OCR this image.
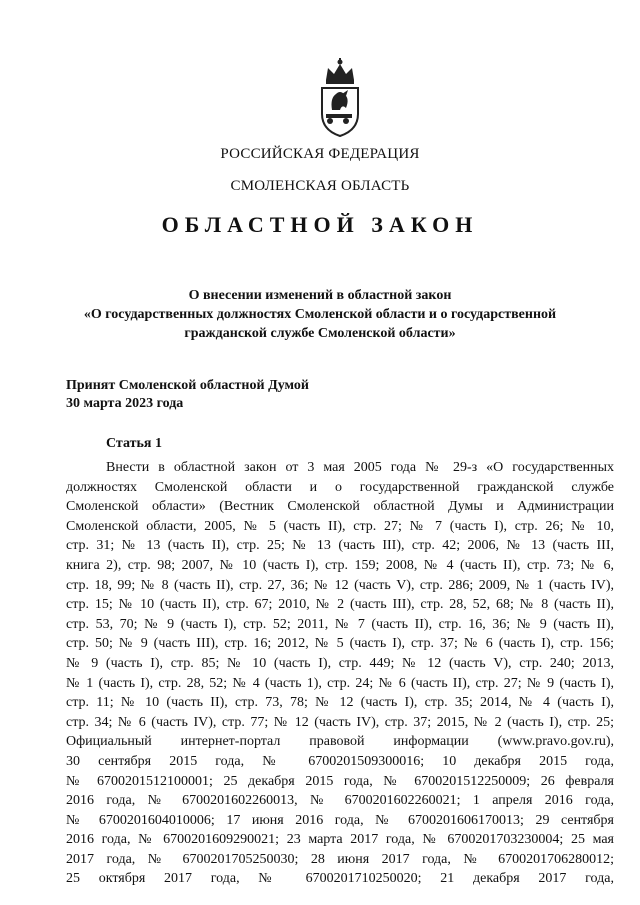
РОССИЙСКАЯ ФЕДЕРАЦИЯ
СМОЛЕНСКАЯ ОБЛАСТЬ
ОБЛАСТНОЙ ЗАКОН
О внесении изменений в областной закон
«О государственных должностях Смоленской области и о государственной
гражданской службе Смоленской области»
Принят Смоленской областной Думой
30 марта 2023 года
Статья 1
Внести в областной закон от 3 мая 2005 года № 29-з «О государственных
должностях Смоленской области и о государственной гражданской службе
Смоленской области» (Вестник Смоленской областной Думы и Администрации
Смоленской области, 2005, № 5 (часть II), стр. 27; № 7 (часть I), стр. 26; № 10,
стр. 31; № 13 (часть II), стр. 25; № 13 (часть III), стр. 42; 2006, № 13 (часть III,
книга 2), стр. 98; 2007, № 10 (часть I), стр. 159; 2008, № 4 (часть II), стр. 73; № 6,
стр. 18, 99; № 8 (часть II), стр. 27, 36; № 12 (часть V), стр. 286; 2009, № 1 (часть IV),
стр. 15; № 10 (часть II), стр. 67; 2010, № 2 (часть III), стр. 28, 52, 68; № 8 (часть II),
стр. 53, 70; № 9 (часть I), стр. 52; 2011, № 7 (часть II), стр. 16, 36; № 9 (часть II),
стр. 50; № 9 (часть III), стр. 16; 2012, № 5 (часть I), стр. 37; № 6 (часть I), стр. 156;
№ 9 (часть I), стр. 85; № 10 (часть I), стр. 449; № 12 (часть V), стр. 240; 2013,
№ 1 (часть I), стр. 28, 52; № 4 (часть 1), стр. 24; № 6 (часть II), стр. 27; № 9 (часть I),
стр. 11; № 10 (часть II), стр. 73, 78; № 12 (часть I), стр. 35; 2014, № 4 (часть I),
стр. 34; № 6 (часть IV), стр. 77; № 12 (часть IV), стр. 37; 2015, № 2 (часть I), стр. 25;
Официальный интернет-портал правовой информации (www.pravo.gov.ru),
30 сентября 2015 года, № 6700201509300016; 10 декабря 2015 года,
№ 6700201512100001; 25 декабря 2015 года, № 6700201512250009; 26 февраля
2016 года, № 6700201602260013, № 6700201602260021; 1 апреля 2016 года,
№ 6700201604010006; 17 июня 2016 года, № 6700201606170013; 29 сентября
2016 года, № 6700201609290021; 23 марта 2017 года, № 6700201703230004; 25 мая
2017 года, № 6700201705250030; 28 июня 2017 года, № 6700201706280012;
25 октября 2017 года, № 6700201710250020; 21 декабря 2017 года,
